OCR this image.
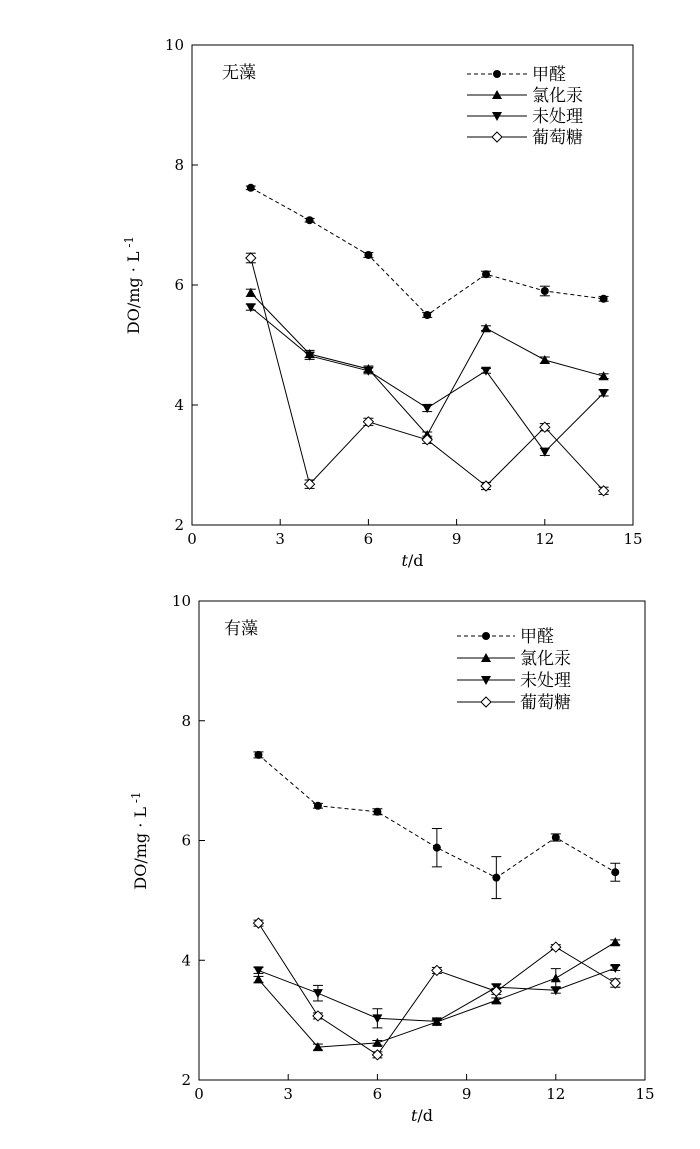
0	3	6	9	12	15
2
4
6
8
10
t/d
DO/mg · L $^{-1}$
无藻	甲醛
氯化汞
未处理
葡萄糖
0	3	6	9	12	15
2
4
6
8
10
t/d
DO/mg · L $^{-1}$
有藻	甲醛
氯化汞
未处理
葡萄糖
